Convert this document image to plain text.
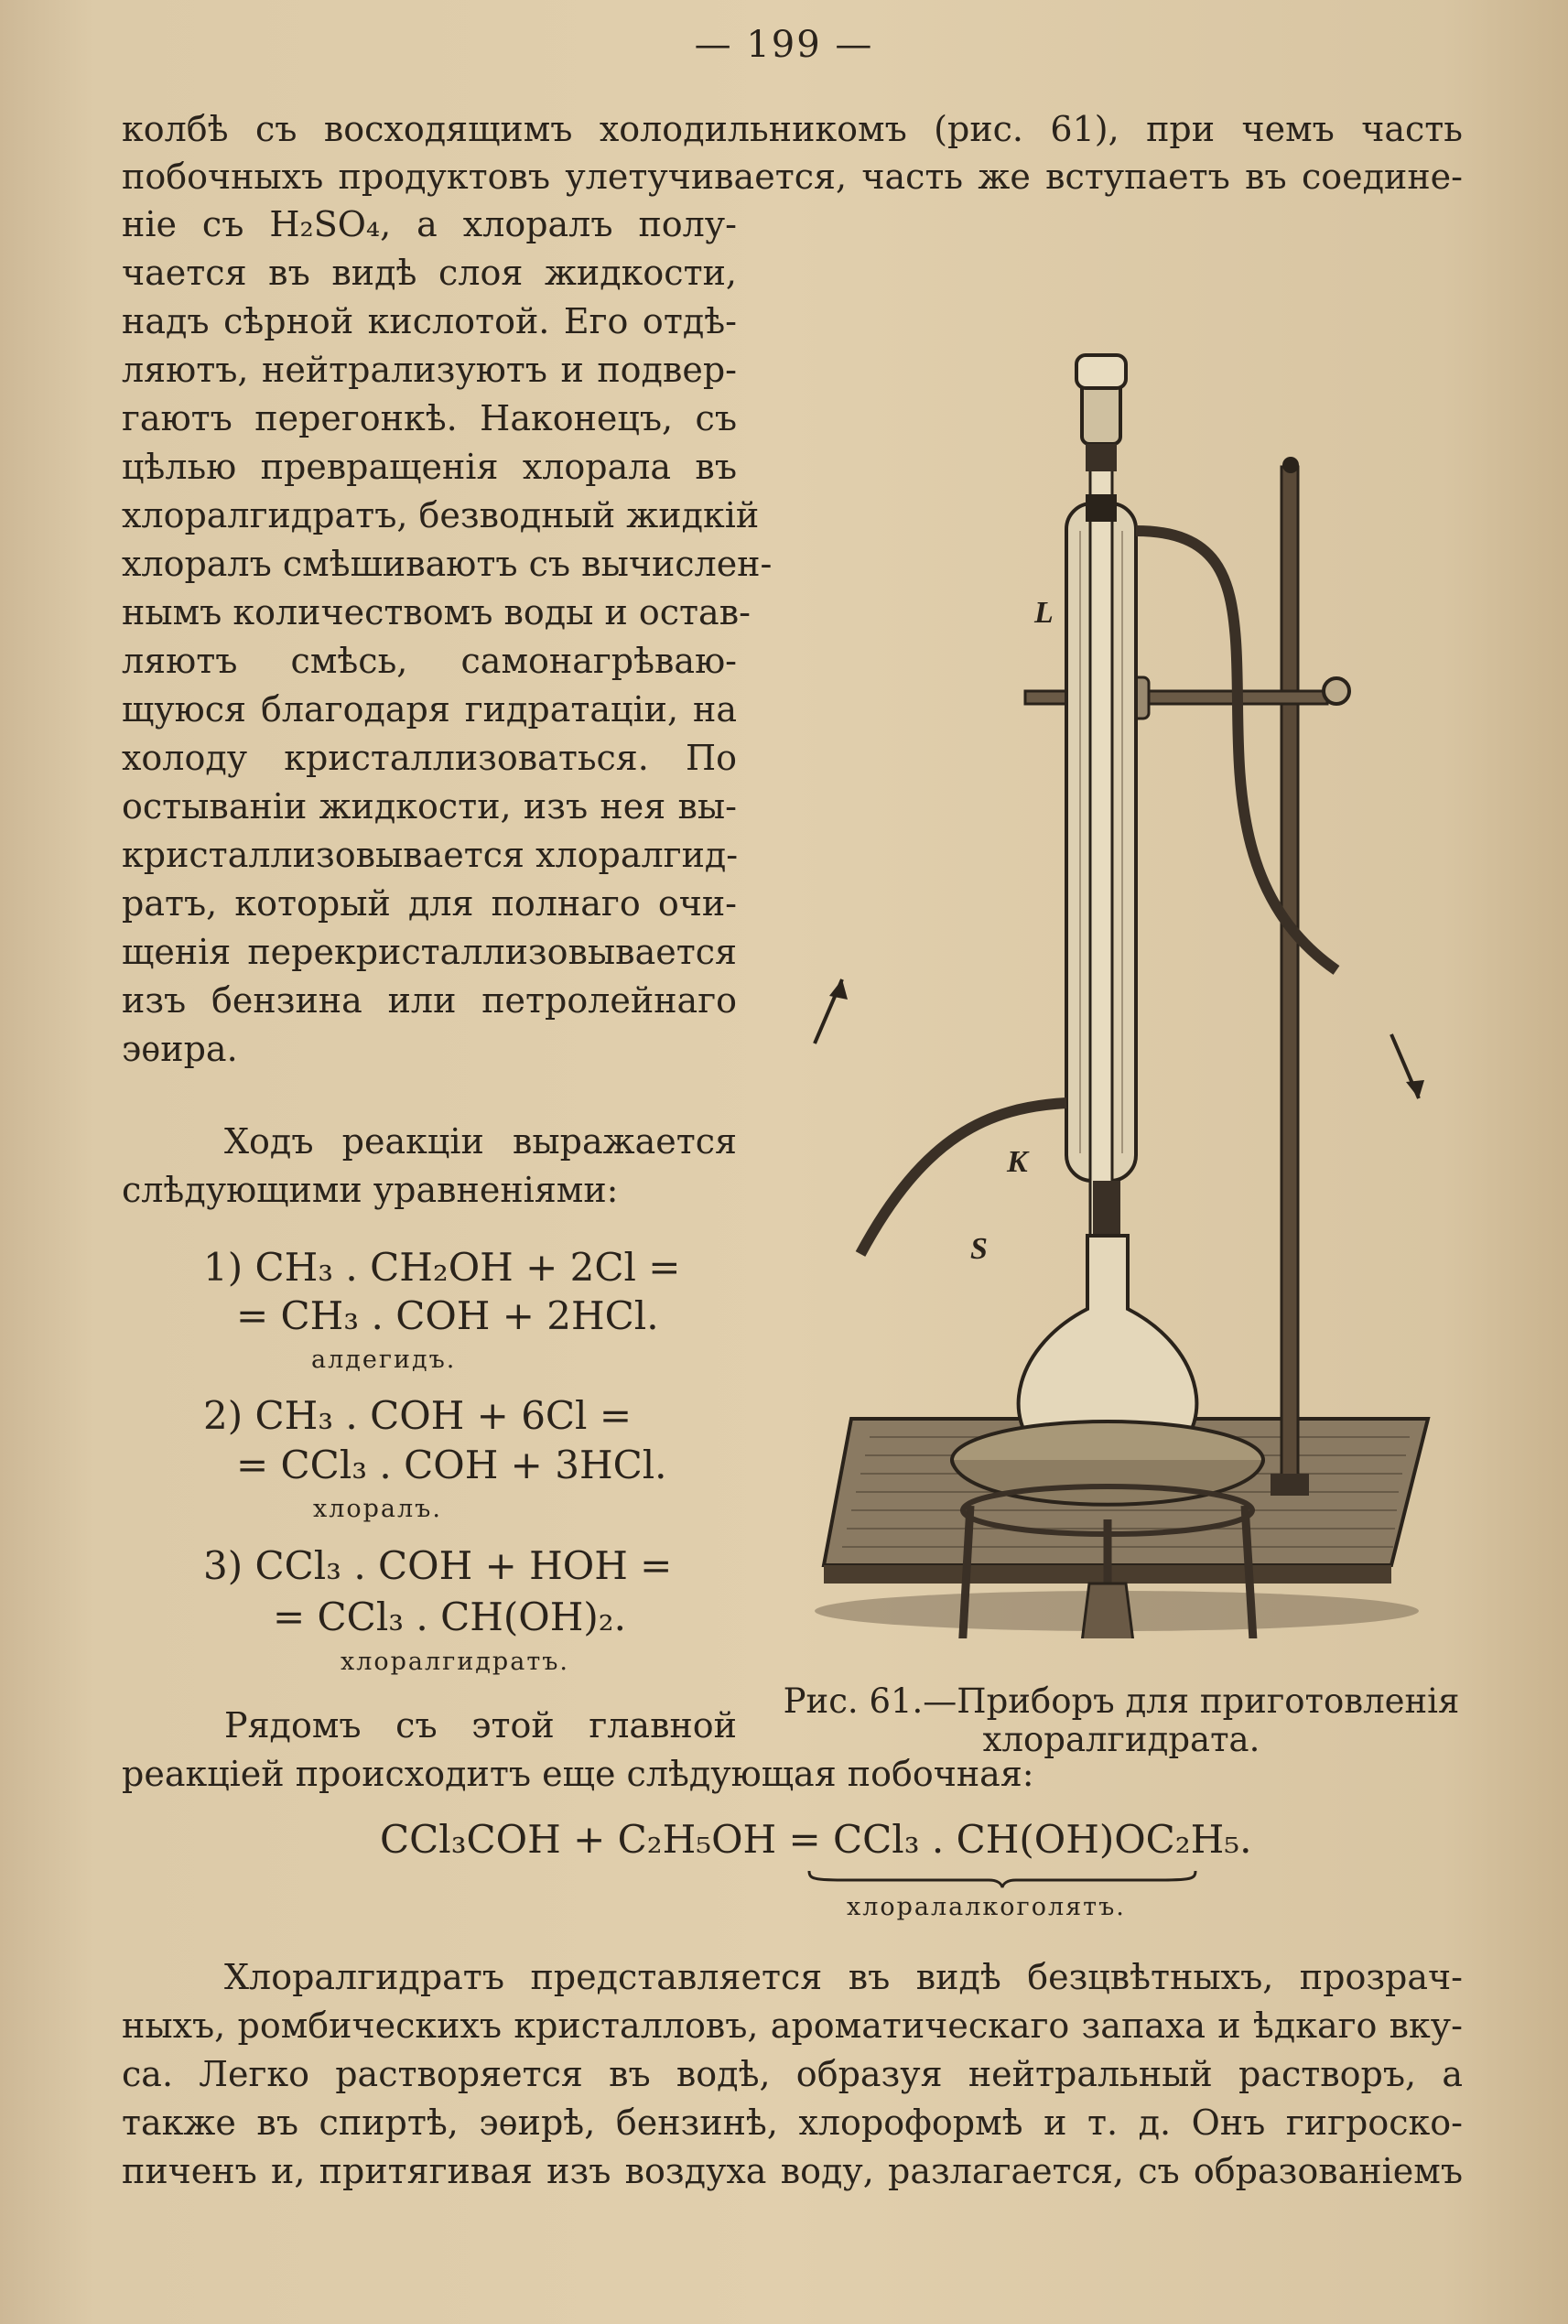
— 199 —
колбѣ съ восходящимъ холодильникомъ (рис. 61), при чемъ часть
побочныхъ продуктовъ улетучивается, часть же вступаетъ въ соедине-
ніе съ H₂SO₄, а хлоралъ полу-
чается въ видѣ слоя жидкости,
надъ сѣрной кислотой. Его отдѣ-
ляютъ, нейтрализуютъ и подвер-
гаютъ перегонкѣ. Наконецъ, съ
цѣлью превращенія хлорала въ
хлоралгидратъ, безводный жидкій
хлоралъ смѣшиваютъ съ вычислен-
нымъ количествомъ воды и остав-
ляютъ смѣсь, самонагрѣваю-
щуюся благодаря гидратаціи, на
холоду кристаллизоваться. По
остываніи жидкости, изъ нея вы-
кристаллизовывается хлоралгид-
ратъ, который для полнаго очи-
щенія перекристаллизовывается
изъ бензина или петролейнаго
эѳира.
Ходъ реакціи выражается
слѣдующими уравненіями:
1) CH₃ . CH₂OH + 2Cl =
= CH₃ . COH + 2HCl.
алдегидъ.
2) CH₃ . COH + 6Cl =
= CCl₃ . COH + 3HCl.
хлоралъ.
3) CCl₃ . COH + HOH =
= CCl₃ . CH(OH)₂.
хлоралгидратъ.
L
K
S
Рис. 61.—Приборъ для приготовленія
хлоралгидрата.
Рядомъ съ этой главной
реакціей происходитъ еще слѣдующая побочная:
CCl₃COH + C₂H₅OH = CCl₃ . CH(OH)OC₂H₅.
хлоралалкоголятъ.
Хлоралгидратъ представляется въ видѣ безцвѣтныхъ, прозрач-
ныхъ, ромбическихъ кристалловъ, ароматическаго запаха и ѣдкаго вку-
са. Легко растворяется въ водѣ, образуя нейтральный растворъ, а
также въ спиртѣ, эѳирѣ, бензинѣ, хлороформѣ и т. д. Онъ гигроско-
пиченъ и, притягивая изъ воздуха воду, разлагается, съ образованіемъ
